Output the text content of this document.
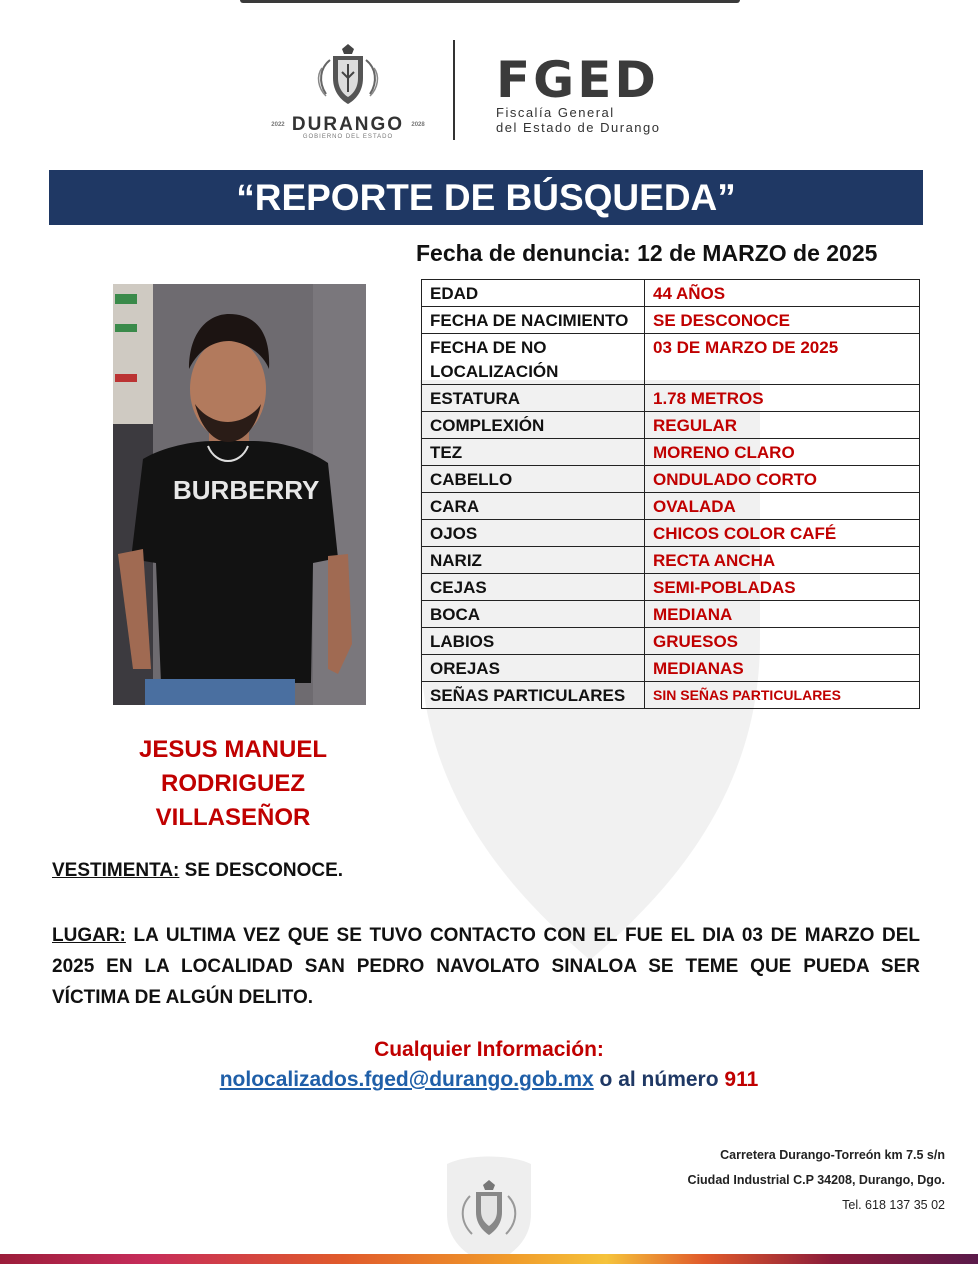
2022 DURANGO 2028
GOBIERNO DEL ESTADO
FGED
Fiscalía General
del Estado de Durango
“REPORTE DE BÚSQUEDA”
Fecha de denuncia: 12 de MARZO de 2025
BURBERRY
JESUS MANUEL
RODRIGUEZ
VILLASEÑOR
EDAD	44 AÑOS
FECHA DE NACIMIENTO	SE DESCONOCE
FECHA DE NO LOCALIZACIÓN	03 DE MARZO DE 2025
ESTATURA	1.78 METROS
COMPLEXIÓN	REGULAR
TEZ	MORENO CLARO
CABELLO	ONDULADO CORTO
CARA	OVALADA
OJOS	CHICOS COLOR CAFÉ
NARIZ	RECTA ANCHA
CEJAS	SEMI-POBLADAS
BOCA	MEDIANA
LABIOS	GRUESOS
OREJAS	MEDIANAS
SEÑAS PARTICULARES	SIN SEÑAS PARTICULARES
VESTIMENTA: SE DESCONOCE.
LUGAR: LA ULTIMA VEZ QUE SE TUVO CONTACTO CON EL FUE EL DIA 03 DE MARZO DEL 2025 EN LA LOCALIDAD SAN PEDRO NAVOLATO SINALOA SE TEME QUE PUEDA SER VÍCTIMA DE ALGÚN DELITO.
Cualquier Información:
nolocalizados.fged@durango.gob.mx o al número 911
Carretera Durango-Torreón km 7.5 s/n
Ciudad Industrial C.P 34208, Durango, Dgo.
Tel. 618 137 35 02
